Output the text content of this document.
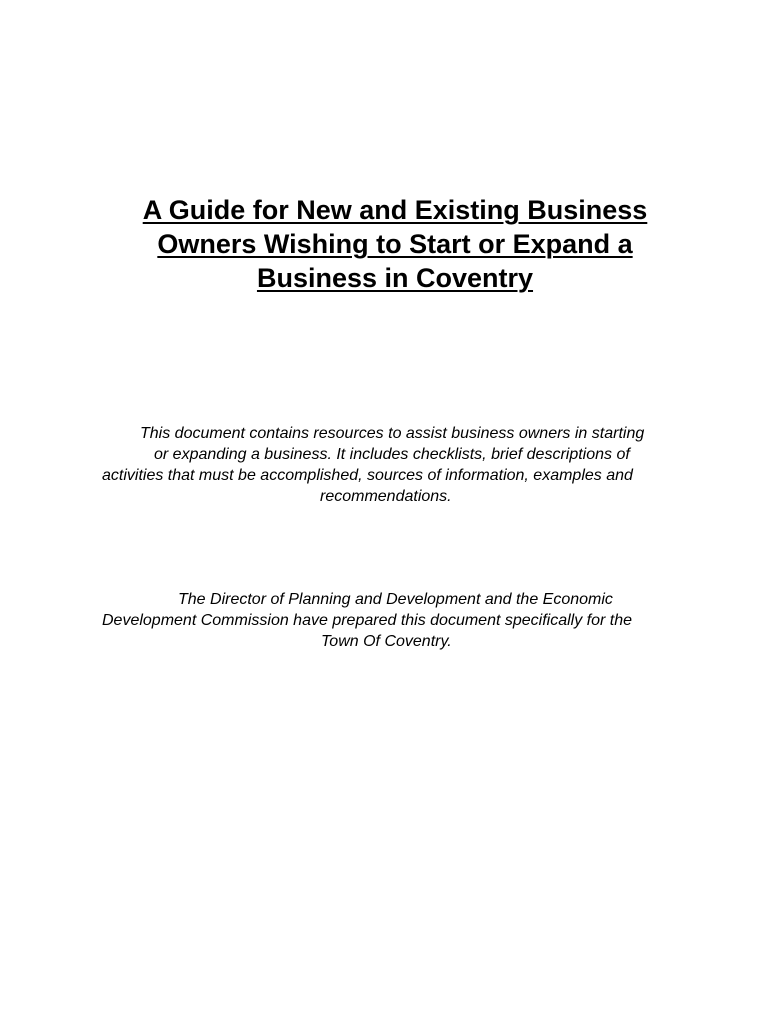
A Guide for New and Existing Business
Owners Wishing to Start or Expand a
Business in Coventry

This document contains resources to assist business owners in starting
or expanding a business. It includes checklists, brief descriptions of
activities that must be accomplished, sources of information, examples and
recommendations.

The Director of Planning and Development and the Economic
Development Commission have prepared this document specifically for the
Town Of Coventry.
